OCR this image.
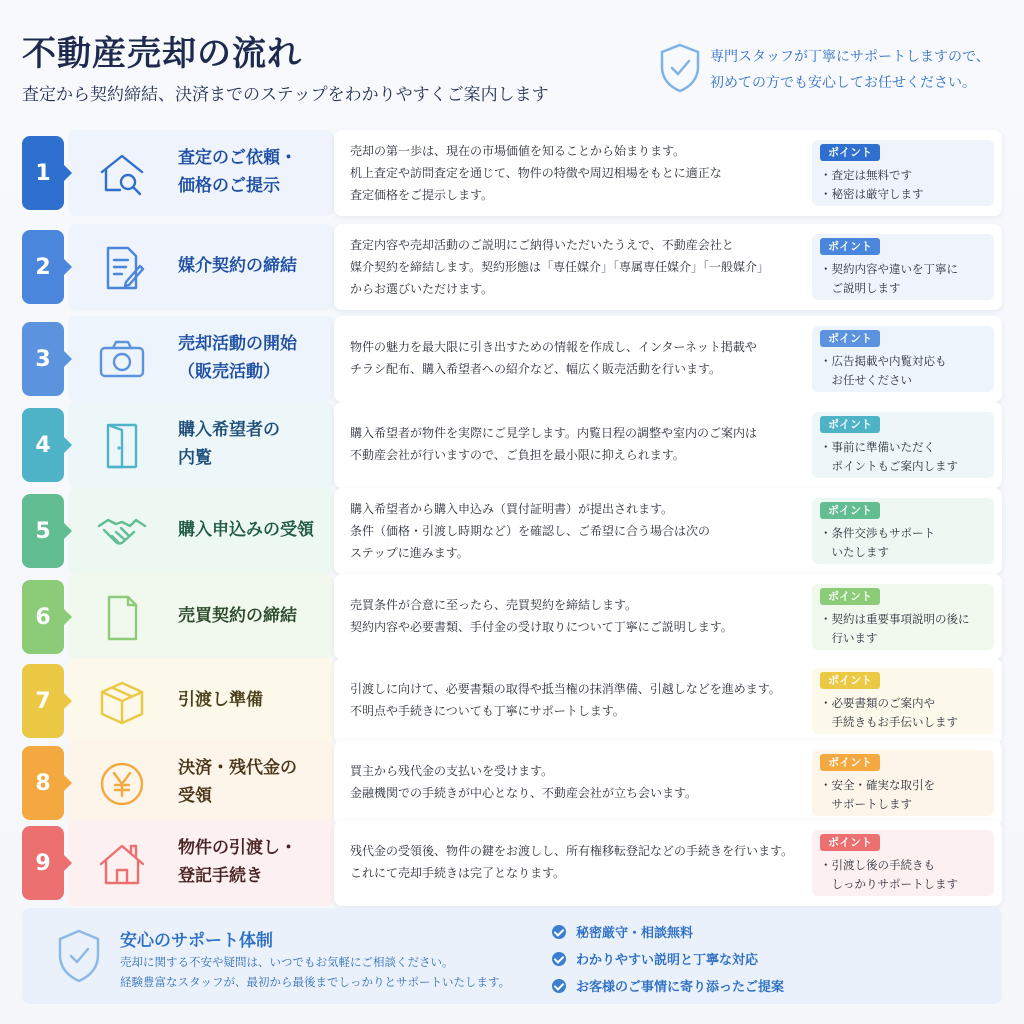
不動産売却の流れ
査定から契約締結、決済までのステップをわかりやすくご案内します

専門スタッフが丁寧にサポートしますので、

初めての方でも安心してお任せください。

1

査定のご依頼・

価格のご提示

売却の第一歩は、現在の市場価値を知ることから始まります。

机上査定や訪問査定を通じて、物件の特徴や周辺相場をもとに適正な

査定価格をご提示します。

ポイント

・査定は無料です

・秘密は厳守します

2	媒介契約の締結

査定内容や売却活動のご説明にご納得いただいたうえで、不動産会社と

媒介契約を締結します。契約形態は「専任媒介」「専属専任媒介」「一般媒介」

からお選びいただけます。

ポイント

・契約内容や違いを丁寧に

　ご説明します

3

売却活動の開始

（販売活動）

物件の魅力を最大限に引き出すための情報を作成し、インターネット掲載や

チラシ配布、購入希望者への紹介など、幅広く販売活動を行います。

ポイント

・広告掲載や内覧対応も

　お任せください

4

購入希望者の

内覧

購入希望者が物件を実際にご見学します。内覧日程の調整や室内のご案内は

不動産会社が行いますので、ご負担を最小限に抑えられます。

ポイント

・事前に準備いただく

　ポイントもご案内します

5	購入申込みの受領

購入希望者から購入申込み（買付証明書）が提出されます。

条件（価格・引渡し時期など）を確認し、ご希望に合う場合は次の

ステップに進みます。

ポイント

・条件交渉もサポート

　いたします

6	売買契約の締結

売買条件が合意に至ったら、売買契約を締結します。

契約内容や必要書類、手付金の受け取りについて丁寧にご説明します。

ポイント

・契約は重要事項説明の後に

　行います

7	引渡し準備

引渡しに向けて、必要書類の取得や抵当権の抹消準備、引越しなどを進めます。

不明点や手続きについても丁寧にサポートします。

ポイント

・必要書類のご案内や

　手続きもお手伝いします

8

決済・残代金の

受領

買主から残代金の支払いを受けます。

金融機関での手続きが中心となり、不動産会社が立ち会います。

ポイント

・安全・確実な取引を

　サポートします

9

物件の引渡し・

登記手続き

残代金の受領後、物件の鍵をお渡しし、所有権移転登記などの手続きを行います。

これにて売却手続きは完了となります。

ポイント

・引渡し後の手続きも

　しっかりサポートします

安心のサポート体制

売却に関する不安や疑問は、いつでもお気軽にご相談ください。

経験豊富なスタッフが、最初から最後までしっかりとサポートいたします。

秘密厳守・相談無料
わかりやすい説明と丁寧な対応
お客様のご事情に寄り添ったご提案
